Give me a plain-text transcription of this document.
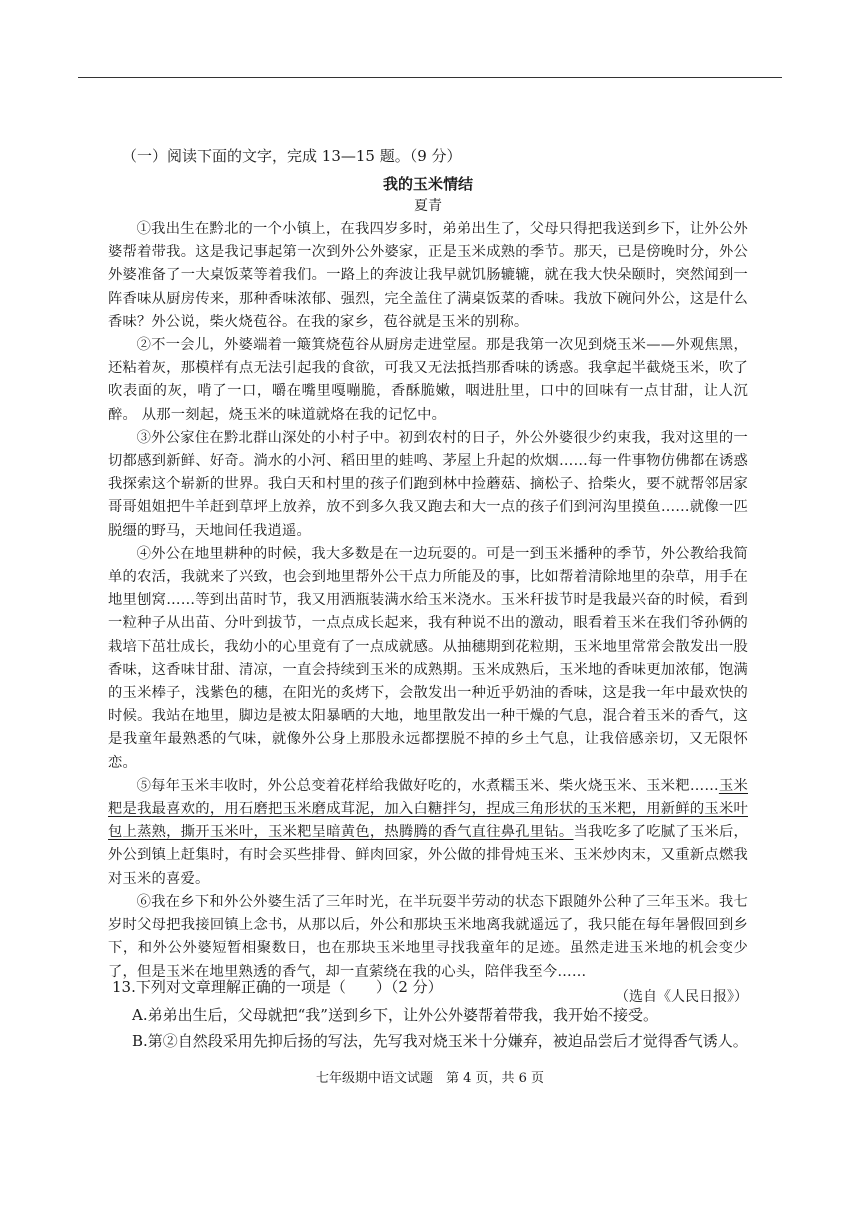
（一）阅读下面的文字，完成 13—15 题。（9 分）
我的玉米情结
夏青

①我出生在黔北的一个小镇上，在我四岁多时，弟弟出生了，父母只得把我送到乡下，让外公外婆帮着带我。这是我记事起第一次到外公外婆家，正是玉米成熟的季节。那天，已是傍晚时分，外公外婆准备了一大桌饭菜等着我们。一路上的奔波让我早就饥肠辘辘，就在我大快朵颐时，突然闻到一阵香味从厨房传来，那种香味浓郁、强烈，完全盖住了满桌饭菜的香味。我放下碗问外公，这是什么香味？外公说，柴火烧苞谷。在我的家乡，苞谷就是玉米的别称。

②不一会儿，外婆端着一簸箕烧苞谷从厨房走进堂屋。那是我第一次见到烧玉米——外观焦黑，还粘着灰，那模样有点无法引起我的食欲，可我又无法抵挡那香味的诱惑。我拿起半截烧玉米，吹了吹表面的灰，啃了一口，嚼在嘴里嘎嘣脆，香酥脆嫩，咽进肚里，口中的回味有一点甘甜，让人沉醉。 从那一刻起，烧玉米的味道就烙在我的记忆中。

③外公家住在黔北群山深处的小村子中。初到农村的日子，外公外婆很少约束我，我对这里的一切都感到新鲜、好奇。淌水的小河、稻田里的蛙鸣、茅屋上升起的炊烟……每一件事物仿佛都在诱惑我探索这个崭新的世界。我白天和村里的孩子们跑到林中捡蘑菇、摘松子、拾柴火，要不就帮邻居家哥哥姐姐把牛羊赶到草坪上放养，放不到多久我又跑去和大一点的孩子们到河沟里摸鱼……就像一匹脱缰的野马，天地间任我逍遥。

④外公在地里耕种的时候，我大多数是在一边玩耍的。可是一到玉米播种的季节，外公教给我简单的农活，我就来了兴致，也会到地里帮外公干点力所能及的事，比如帮着清除地里的杂草，用手在地里刨窝……等到出苗时节，我又用洒瓶装满水给玉米浇水。玉米秆拔节时是我最兴奋的时候，看到一粒种子从出苗、分叶到拔节，一点点成长起来，我有种说不出的激动，眼看着玉米在我们爷孙俩的栽培下茁壮成长，我幼小的心里竟有了一点成就感。从抽穗期到花粒期，玉米地里常常会散发出一股香味，这香味甘甜、清凉，一直会持续到玉米的成熟期。玉米成熟后，玉米地的香味更加浓郁，饱满的玉米棒子，浅紫色的穗，在阳光的炙烤下，会散发出一种近乎奶油的香味，这是我一年中最欢快的时候。我站在地里，脚边是被太阳暴晒的大地，地里散发出一种干燥的气息，混合着玉米的香气，这是我童年最熟悉的气味，就像外公身上那股永远都摆脱不掉的乡土气息，让我倍感亲切，又无限怀恋。

⑤每年玉米丰收时，外公总变着花样给我做好吃的，水煮糯玉米、柴火烧玉米、玉米粑……玉米粑是我最喜欢的，用石磨把玉米磨成茸泥，加入白糖拌匀，捏成三角形状的玉米粑，用新鲜的玉米叶包上蒸熟，撕开玉米叶，玉米粑呈暗黄色，热腾腾的香气直往鼻孔里钻。当我吃多了吃腻了玉米后，外公到镇上赶集时，有时会买些排骨、鲜肉回家，外公做的排骨炖玉米、玉米炒肉末，又重新点燃我对玉米的喜爱。

⑥我在乡下和外公外婆生活了三年时光，在半玩耍半劳动的状态下跟随外公种了三年玉米。我七岁时父母把我接回镇上念书，从那以后，外公和那块玉米地离我就遥远了，我只能在每年暑假回到乡下，和外公外婆短暂相聚数日，也在那块玉米地里寻找我童年的足迹。虽然走进玉米地的机会变少了，但是玉米在地里熟透的香气，却一直萦绕在我的心头，陪伴我至今……

（选自《人民日报》）
13.下列对文章理解正确的一项是（　　）（2 分）
A.弟弟出生后，父母就把“我”送到乡下，让外公外婆帮着带我，我开始不接受。
B.第②自然段采用先抑后扬的写法，先写我对烧玉米十分嫌弃，被迫品尝后才觉得香气诱人。
七年级期中语文试题　第 4 页，共 6 页
